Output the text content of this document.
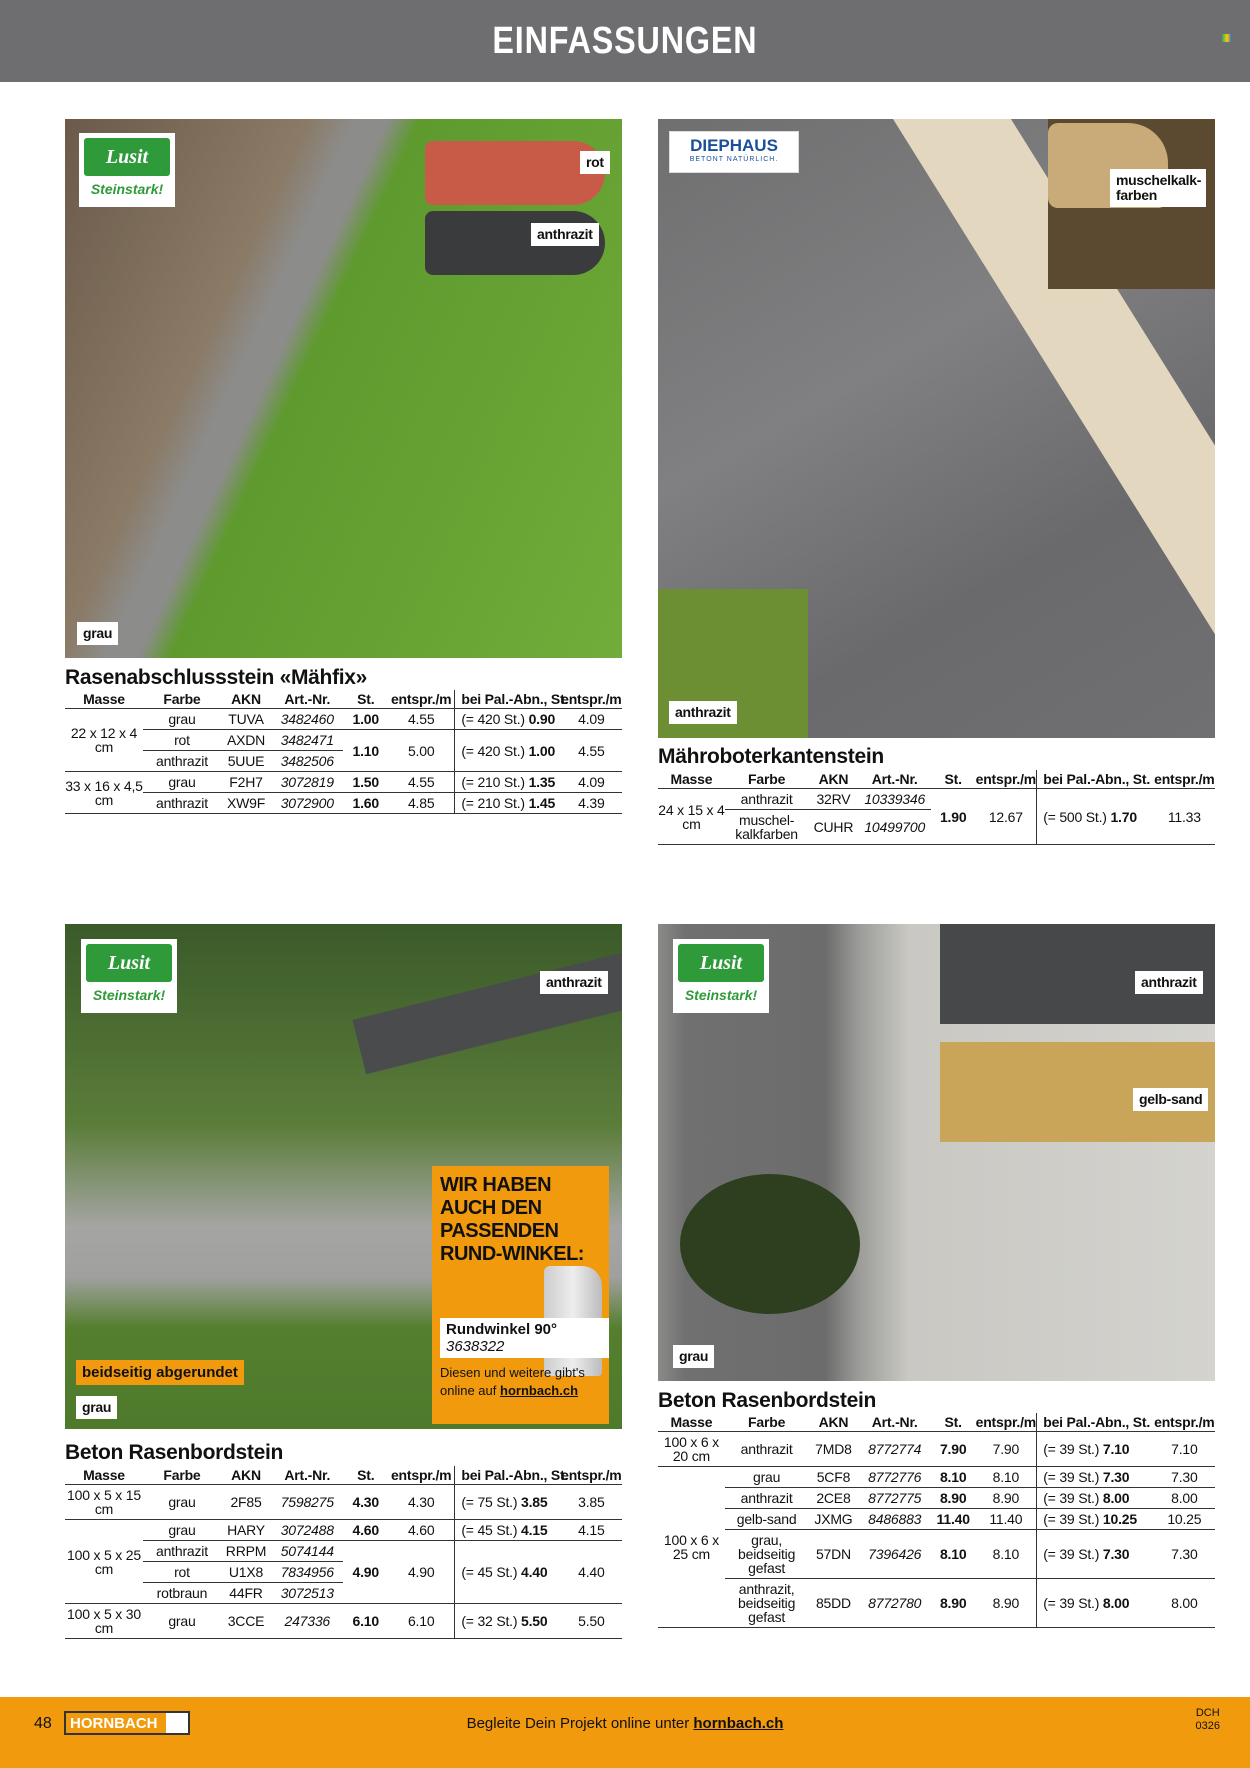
EINFASSUNGEN
Lusit
Steinstark!
rot
anthrazit
grau
Rasenabschlussstein «Mähfix»
Masse	Farbe	AKN	Art.-Nr.	St.	entspr./m	bei Pal.-Abn., St.	entspr./m
22 x 12 x 4 cm	grau	TUVA	3482460	1.00	4.55	(= 420 St.) 0.90	4.09
	rot	AXDN	3482471	1.10	5.00	(= 420 St.) 1.00	4.55
	anthrazit	5UUE	3482506				
33 x 16 x 4,5 cm	grau	F2H7	3072819	1.50	4.55	(= 210 St.) 1.35	4.09
	anthrazit	XW9F	3072900	1.60	4.85	(= 210 St.) 1.45	4.39
DIEPHAUS
BETONT NATÜRLICH.
muschelkalk-farben
anthrazit
Mähroboterkantenstein
Masse	Farbe	AKN	Art.-Nr.	St.	entspr./m	bei Pal.-Abn., St.	entspr./m
24 x 15 x 4 cm	anthrazit	32RV	10339346	1.90	12.67	(= 500 St.) 1.70	11.33
	muschel-kalkfarben	CUHR	10499700				
Lusit
Steinstark!
anthrazit
beidseitig abgerundet
grau
WIR HABEN AUCH DEN PASSENDEN RUND-WINKEL:
Rundwinkel 90° 3638322
Diesen und weitere gibt's online auf hornbach.ch
Beton Rasenbordstein
Masse	Farbe	AKN	Art.-Nr.	St.	entspr./m	bei Pal.-Abn., St.	entspr./m
100 x 5 x 15 cm	grau	2F85	7598275	4.30	4.30	(= 75 St.) 3.85	3.85
100 x 5 x 25 cm	grau	HARY	3072488	4.60	4.60	(= 45 St.) 4.15	4.15
	anthrazit	RRPM	5074144	4.90	4.90	(= 45 St.) 4.40	4.40
	rot	U1X8	7834956				
	rotbraun	44FR	3072513				
100 x 5 x 30 cm	grau	3CCE	247336	6.10	6.10	(= 32 St.) 5.50	5.50
Lusit
Steinstark!
anthrazit
gelb-sand
grau
Beton Rasenbordstein
Masse	Farbe	AKN	Art.-Nr.	St.	entspr./m	bei Pal.-Abn., St.	entspr./m
100 x 6 x 20 cm	anthrazit	7MD8	8772774	7.90	7.90	(= 39 St.) 7.10	7.10
100 x 6 x 25 cm	grau	5CF8	8772776	8.10	8.10	(= 39 St.) 7.30	7.30
	anthrazit	2CE8	8772775	8.90	8.90	(= 39 St.) 8.00	8.00
	gelb-sand	JXMG	8486883	11.40	11.40	(= 39 St.) 10.25	10.25
	grau, beidseitig gefast	57DN	7396426	8.10	8.10	(= 39 St.) 7.30	7.30
	anthrazit, beidseitig gefast	85DD	8772780	8.90	8.90	(= 39 St.) 8.00	8.00
48	HORNBACH	Begleite Dein Projekt online unter hornbach.ch
DCH
0326
